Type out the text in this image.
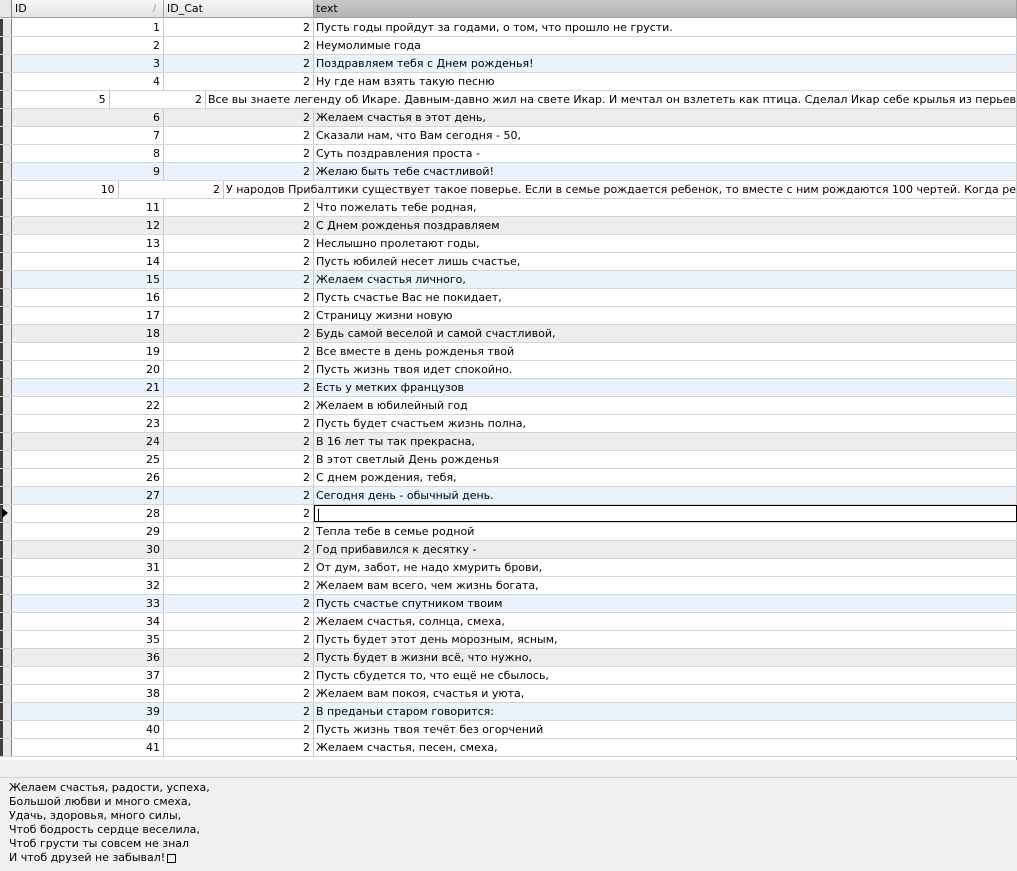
ID	/ ID_Cat	text
1	2 Пусть годы пройдут за годами, о том, что прошло не грусти.
2	2 Неумолимые года
3	2 Поздравляем тебя с Днем рожденья!
4	2 Ну где нам взять такую песню
5	2 Все вы знаете легенду об Икаре. Давным-давно жил на свете Икар. И мечтал он взлететь как птица. Сделал Икар себе крылья из перьев
6	2 Желаем счастья в этот день,
7	2 Сказали нам, что Вам сегодня - 50,
8	2 Суть поздравления проста -
9	2 Желаю быть тебе счастливой!
10	2 У народов Прибалтики существует такое поверье. Если в семье рождается ребенок, то вместе с ним рождаются 100 чертей. Когда ре
11	2 Что пожелать тебе родная,
12	2 С Днем рожденья поздравляем
13	2 Неслышно пролетают годы,
14	2 Пусть юбилей несет лишь счастье,
15	2 Желаем счастья личного,
16	2 Пусть счастье Вас не покидает,
17	2 Страницу жизни новую
18	2 Будь самой веселой и самой счастливой,
19	2 Все вместе в день рожденья твой
20	2 Пусть жизнь твоя идет спокойно.
21	2 Есть у метких французов
22	2 Желаем в юбилейный год
23	2 Пусть будет счастьем жизнь полна,
24	2 В 16 лет ты так прекрасна,
25	2 В этот светлый День рожденья
26	2 С днем рождения, тебя,
27	2 Сегодня день - обычный день.
28	2
29	2 Тепла тебе в семье родной
30	2 Год прибавился к десятку -
31	2 От дум, забот, не надо хмурить брови,
32	2 Желаем вам всего, чем жизнь богата,
33	2 Пусть счастье спутником твоим
34	2 Желаем счастья, солнца, смеха,
35	2 Пусть будет этот день морозным, ясным,
36	2 Пусть будет в жизни всё, что нужно,
37	2 Пусть сбудется то, что ещё не сбылось,
38	2 Желаем вам покоя, счастья и уюта,
39	2 В преданьи старом говорится:
40	2 Пусть жизнь твоя течёт без огорчений
41	2 Желаем счастья, песен, смеха,
Желаем счастья, радости, успеха,
Большой любви и много смеха,
Удачь, здоровья, много силы,
Чтоб бодрость сердце веселила,
Чтоб грусти ты совсем не знал
И чтоб друзей не забывал!
